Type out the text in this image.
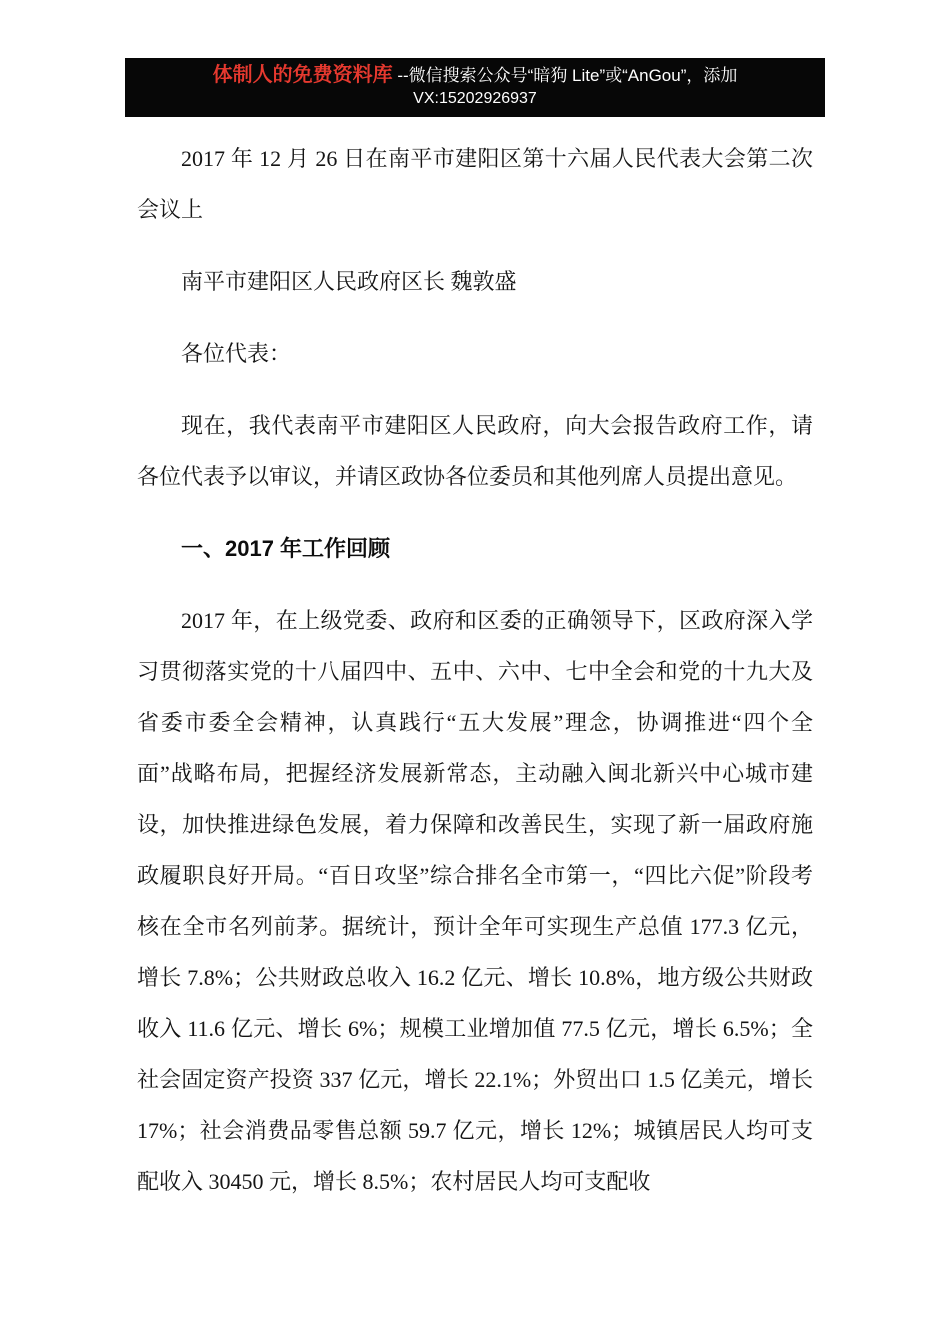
体制人的免费资料库 --微信搜索公众号“暗狗 Lite”或“AnGou”，添加
VX:15202926937

2017 年 12 月 26 日在南平市建阳区第十六届人民代表大会第二次会议上

南平市建阳区人民政府区长 魏敦盛

各位代表：

现在，我代表南平市建阳区人民政府，向大会报告政府工作，请各位代表予以审议，并请区政协各位委员和其他列席人员提出意见。

一、2017 年工作回顾

2017 年，在上级党委、政府和区委的正确领导下，区政府深入学习贯彻落实党的十八届四中、五中、六中、七中全会和党的十九大及省委市委全会精神，认真践行“五大发展”理念，协调推进“四个全面”战略布局，把握经济发展新常态，主动融入闽北新兴中心城市建设，加快推进绿色发展，着力保障和改善民生，实现了新一届政府施政履职良好开局。“百日攻坚”综合排名全市第一，“四比六促”阶段考核在全市名列前茅。据统计，预计全年可实现生产总值 177.3 亿元，增长 7.8%；公共财政总收入 16.2 亿元、增长 10.8%，地方级公共财政收入 11.6 亿元、增长 6%；规模工业增加值 77.5 亿元，增长 6.5%；全社会固定资产投资 337 亿元，增长 22.1%；外贸出口 1.5 亿美元，增长 17%；社会消费品零售总额 59.7 亿元，增长 12%；城镇居民人均可支配收入 30450 元，增长 8.5%；农村居民人均可支配收
